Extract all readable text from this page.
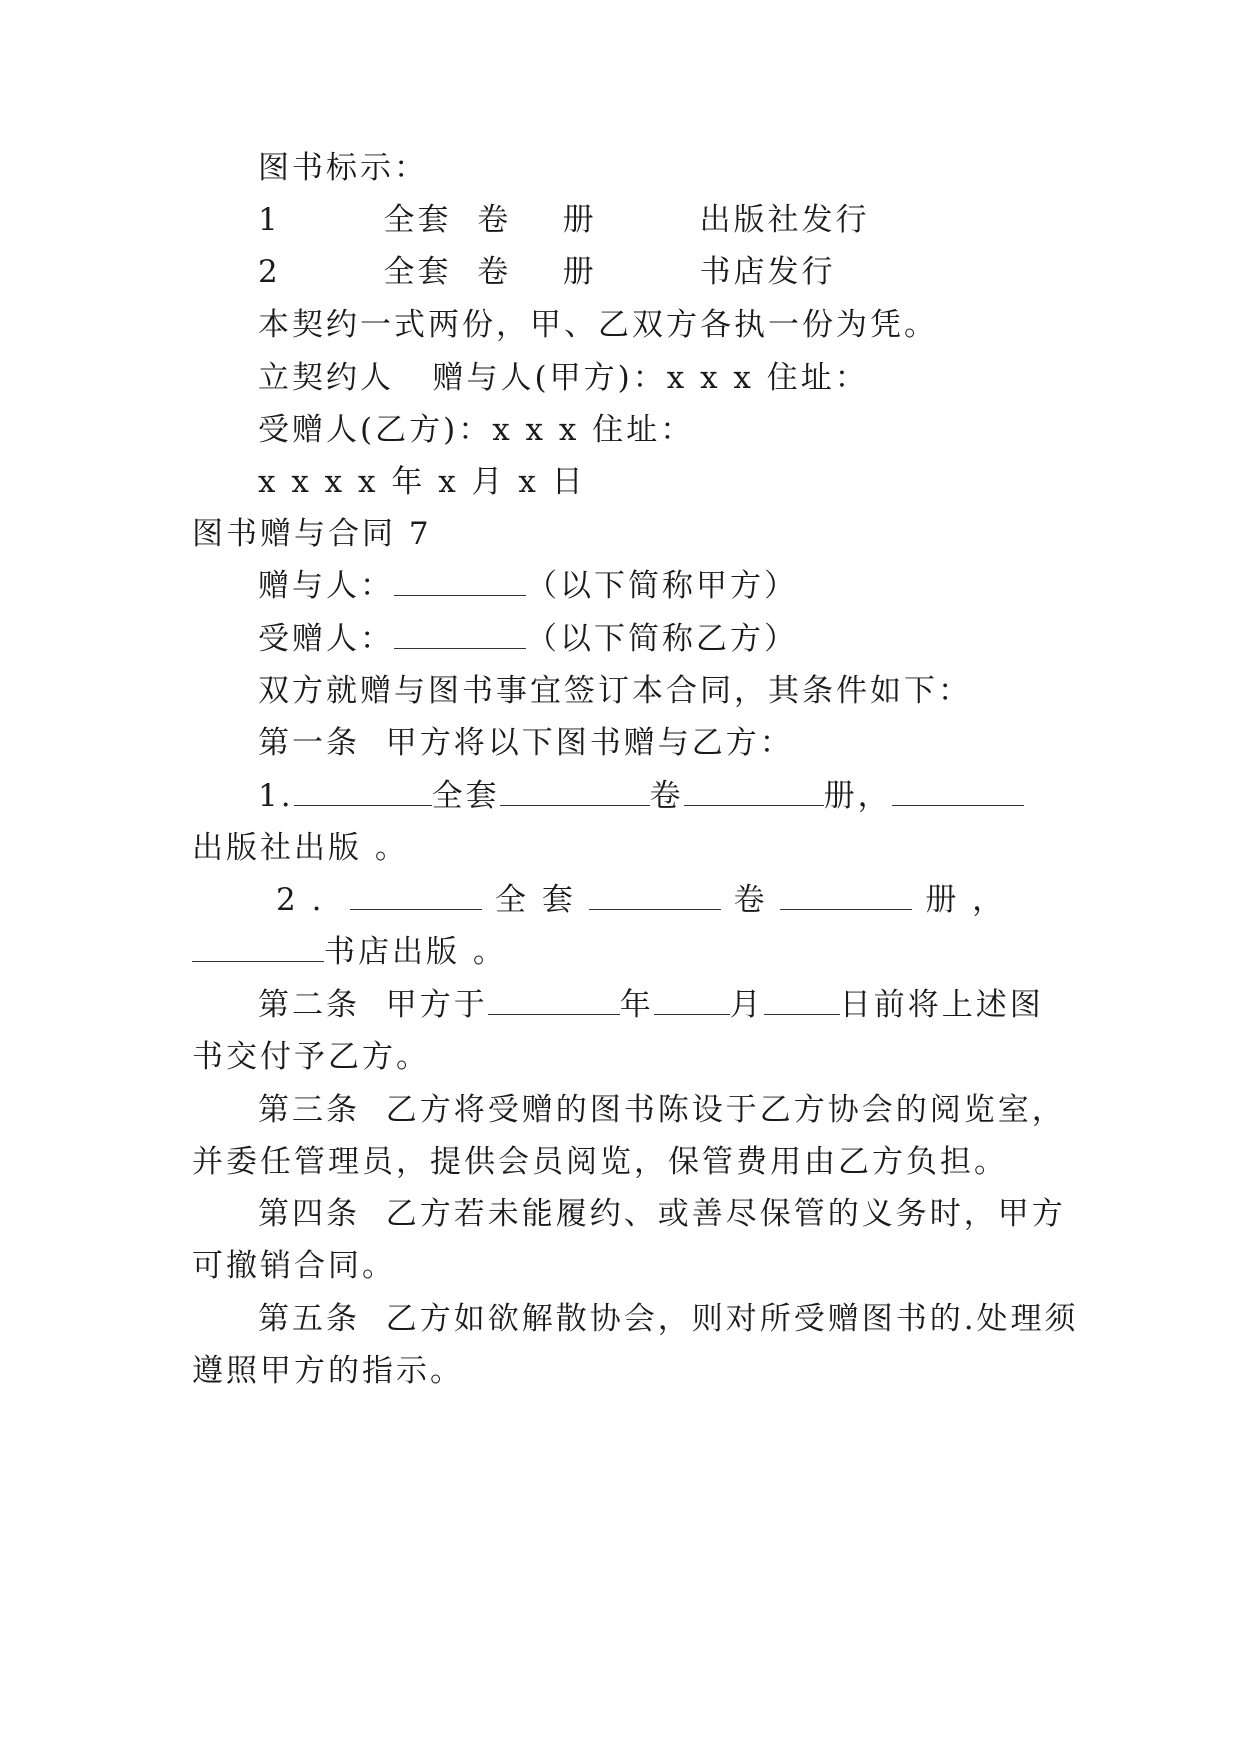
图书标示：
1        全套  卷    册        出版社发行
2        全套  卷    册        书店发行
本契约一式两份，甲、乙双方各执一份为凭。
立契约人   赠与人(甲方)：x x x 住址：
受赠人(乙方)：x x x 住址：
x x x x 年 x 月 x 日
图书赠与合同 7
赠与人：	（以下简称甲方）
受赠人：	（以下简称乙方）
双方就赠与图书事宜签订本合同，其条件如下：
第一条  甲方将以下图书赠与乙方：
1.	全套	卷	册，
出版社出版 。
2 .	全 套	卷	册 ，
书店出版 。
第二条  甲方于	年 月 日前将上述图
书交付予乙方。
第三条  乙方将受赠的图书陈设于乙方协会的阅览室，
并委任管理员，提供会员阅览，保管费用由乙方负担。
第四条  乙方若未能履约、或善尽保管的义务时，甲方
可撤销合同。
第五条  乙方如欲解散协会，则对所受赠图书的.处理须
遵照甲方的指示。
